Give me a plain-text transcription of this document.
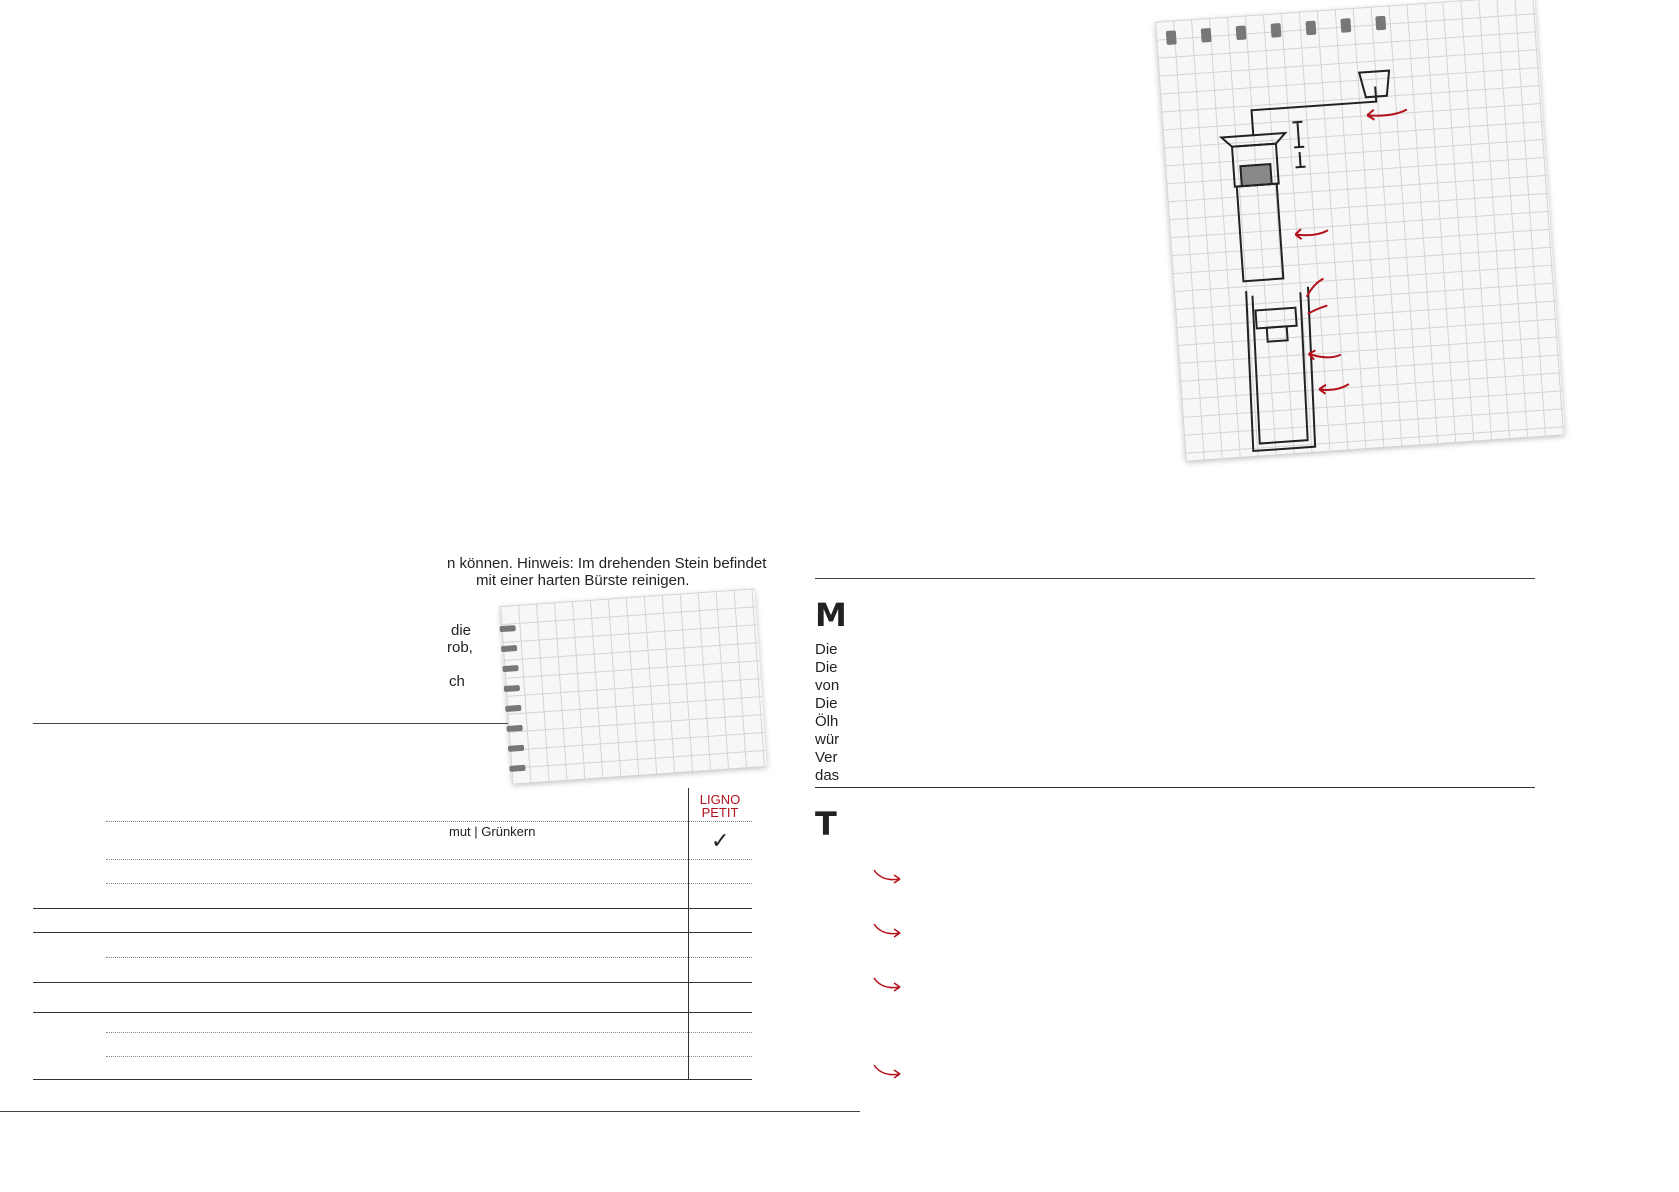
n können. Hinweis: Im drehenden Stein befindet
mit einer harten Bürste reinigen.
die
rob,
ch
LIGNO
PETIT
mut | Grünkern	✓
M
Die
Die
von
Die
Ölh
wür
Ver
das
T
